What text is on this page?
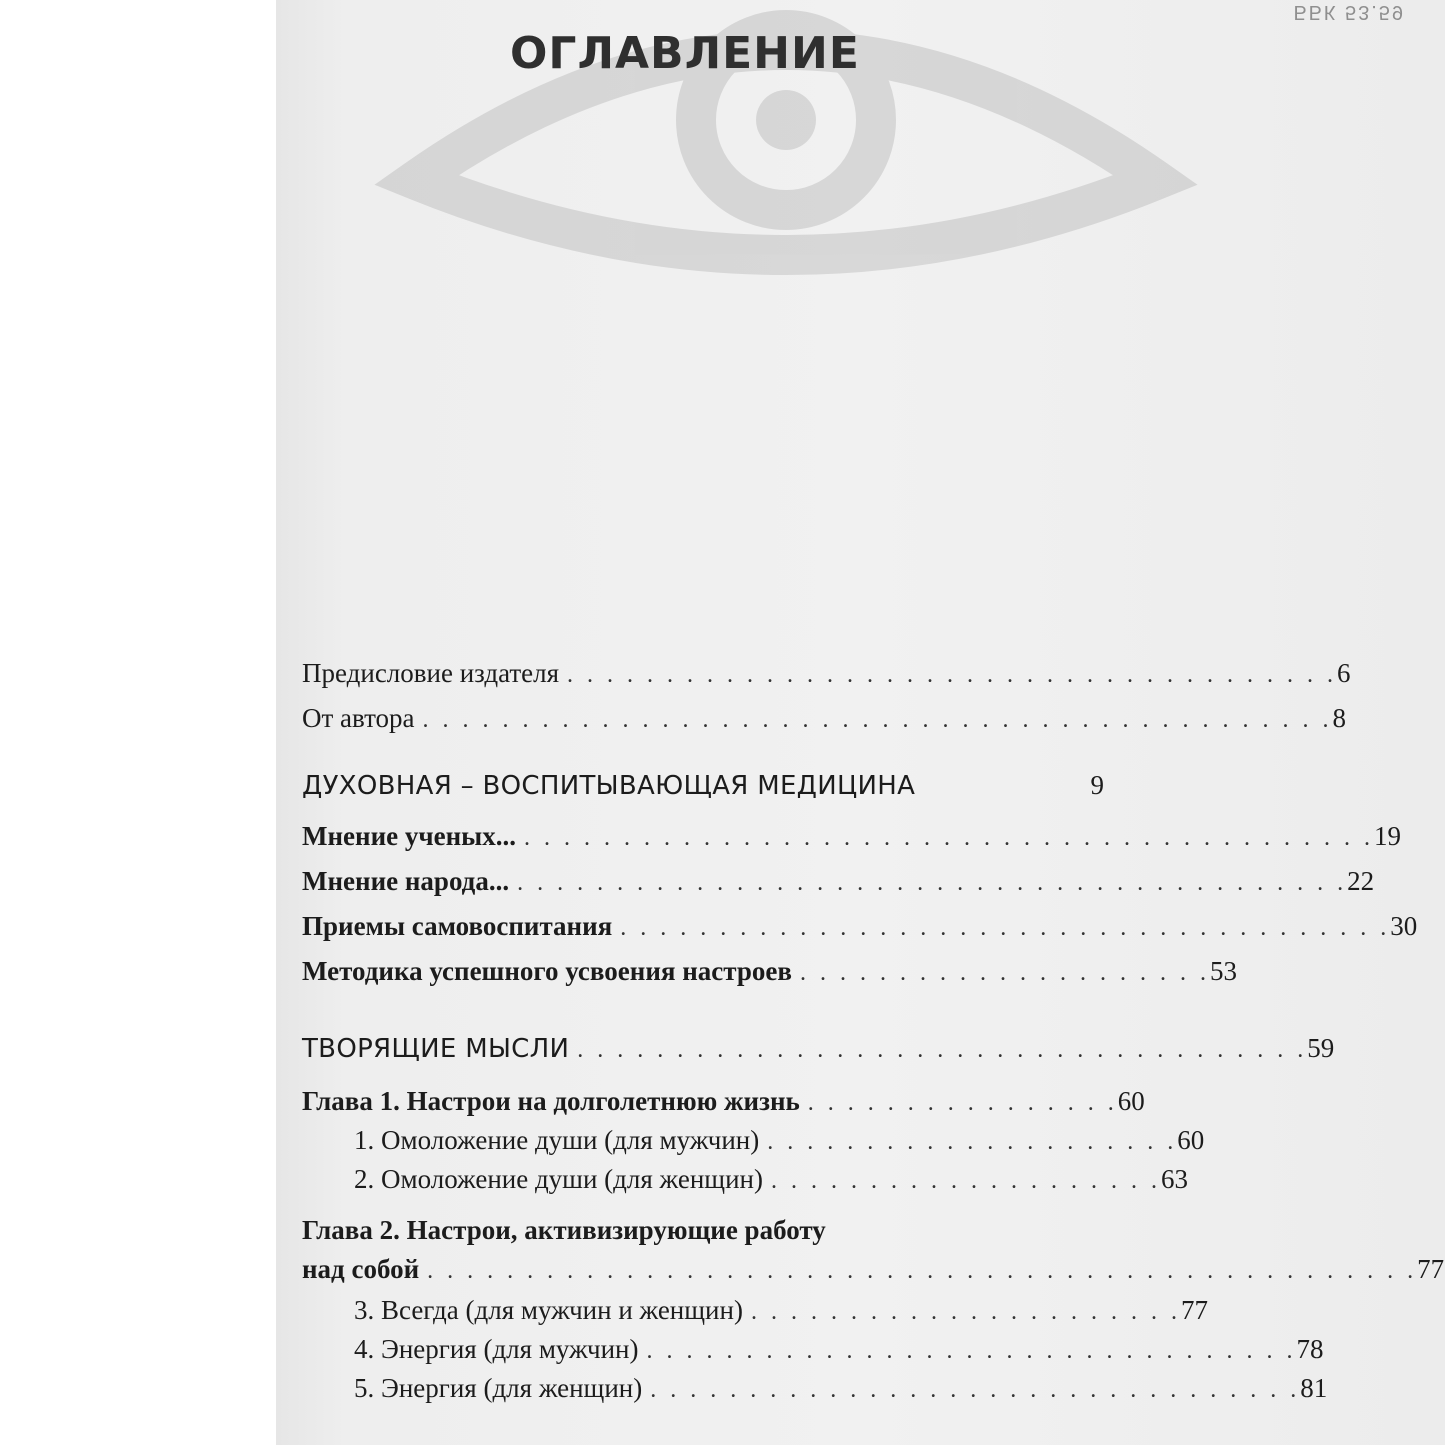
ББК 53.59
ОГЛАВЛЕНИЕ
Предисловие издателя . . . . . . . . . . . . . . . . . . . . . . . . . . . . . . . . . . . . . . . 6
От автора . . . . . . . . . . . . . . . . . . . . . . . . . . . . . . . . . . . . . . . . . . . . . . 8
ДУХОВНАЯ – ВОСПИТЫВАЮЩАЯ МЕДИЦИНА	9
Мнение ученых... . . . . . . . . . . . . . . . . . . . . . . . . . . . . . . . . . . . . . . . . . . . 19
Мнение народа... . . . . . . . . . . . . . . . . . . . . . . . . . . . . . . . . . . . . . . . . . . 22
Приемы самовоспитания . . . . . . . . . . . . . . . . . . . . . . . . . . . . . . . . . . . . . . . 30
Методика успешного усвоения настроев . . . . . . . . . . . . . . . . . . . . . 53
ТВОРЯЩИЕ МЫСЛИ . . . . . . . . . . . . . . . . . . . . . . . . . . . . . . . . . . . . . 59
Глава 1. Настрои на долголетнюю жизнь . . . . . . . . . . . . . . . . 60
1. Омоложение души (для мужчин) . . . . . . . . . . . . . . . . . . . . . 60
2. Омоложение души (для женщин) . . . . . . . . . . . . . . . . . . . . 63
Глава 2. Настрои, активизирующие работу
над собой . . . . . . . . . . . . . . . . . . . . . . . . . . . . . . . . . . . . . . . . . . . . . . . . . . 77
3. Всегда (для мужчин и женщин) . . . . . . . . . . . . . . . . . . . . . . 77
4. Энергия (для мужчин) . . . . . . . . . . . . . . . . . . . . . . . . . . . . . . . . . 78
5. Энергия (для женщин) . . . . . . . . . . . . . . . . . . . . . . . . . . . . . . . . . 81
